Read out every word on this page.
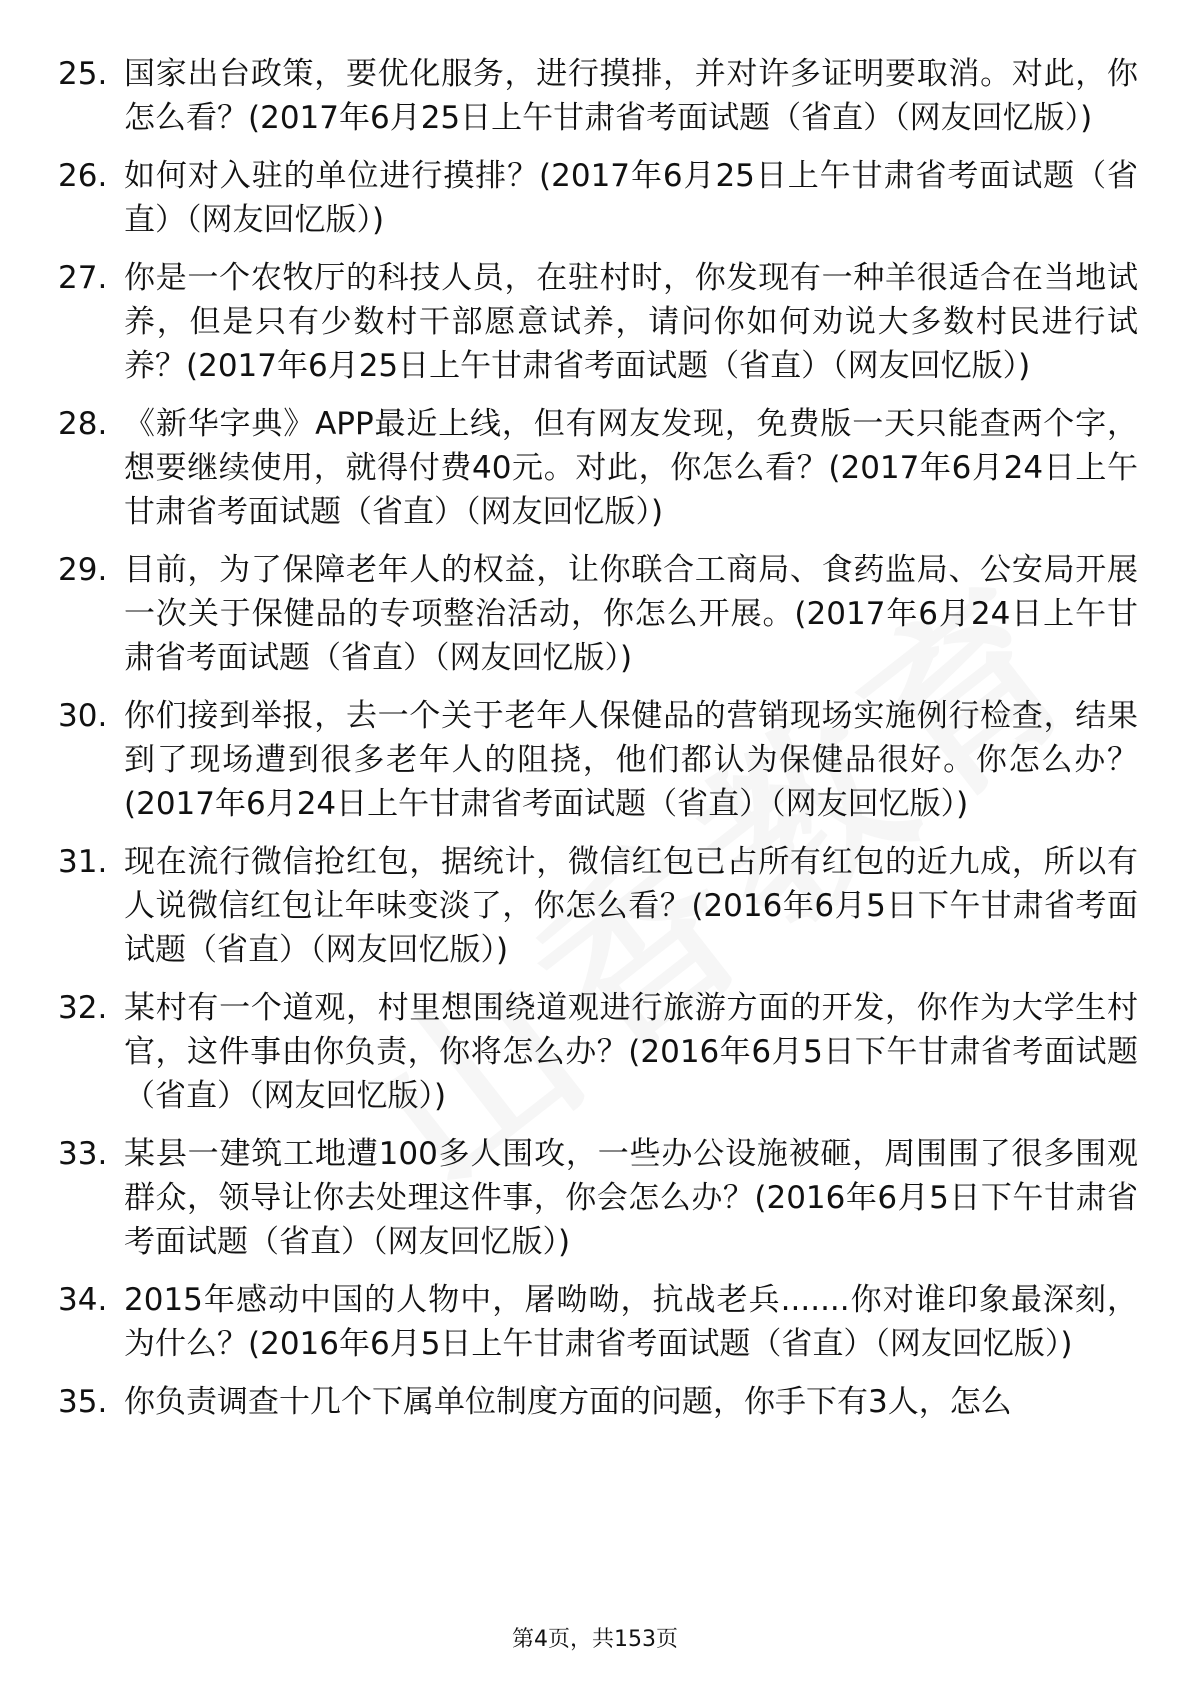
25. 国家出台政策，要优化服务，进行摸排，并对许多证明要取消。对此，你怎么看？(2017年6月25日上午甘肃省考面试题（省直）（网友回忆版）)
26. 如何对入驻的单位进行摸排？(2017年6月25日上午甘肃省考面试题（省直）（网友回忆版）)
27. 你是一个农牧厅的科技人员，在驻村时，你发现有一种羊很适合在当地试养，但是只有少数村干部愿意试养，请问你如何劝说大多数村民进行试养？(2017年6月25日上午甘肃省考面试题（省直）（网友回忆版）)
28. 《新华字典》APP最近上线，但有网友发现，免费版一天只能查两个字，想要继续使用，就得付费40元。对此，你怎么看？(2017年6月24日上午甘肃省考面试题（省直）（网友回忆版）)
29. 目前，为了保障老年人的权益，让你联合工商局、食药监局、公安局开展一次关于保健品的专项整治活动，你怎么开展。(2017年6月24日上午甘肃省考面试题（省直）（网友回忆版）)
30. 你们接到举报，去一个关于老年人保健品的营销现场实施例行检查，结果到了现场遭到很多老年人的阻挠，他们都认为保健品很好。你怎么办？(2017年6月24日上午甘肃省考面试题（省直）（网友回忆版）)
31. 现在流行微信抢红包，据统计，微信红包已占所有红包的近九成，所以有人说微信红包让年味变淡了，你怎么看？(2016年6月5日下午甘肃省考面试题（省直）（网友回忆版）)
32. 某村有一个道观，村里想围绕道观进行旅游方面的开发，你作为大学生村官，这件事由你负责，你将怎么办？(2016年6月5日下午甘肃省考面试题（省直）（网友回忆版）)
33. 某县一建筑工地遭100多人围攻，一些办公设施被砸，周围围了很多围观群众，领导让你去处理这件事，你会怎么办？(2016年6月5日下午甘肃省考面试题（省直）（网友回忆版）)
34. 2015年感动中国的人物中，屠呦呦，抗战老兵.......你对谁印象最深刻，为什么？(2016年6月5日上午甘肃省考面试题（省直）（网友回忆版）)
35. 你负责调查十几个下属单位制度方面的问题，你手下有3人，怎么
第4页，共153页
